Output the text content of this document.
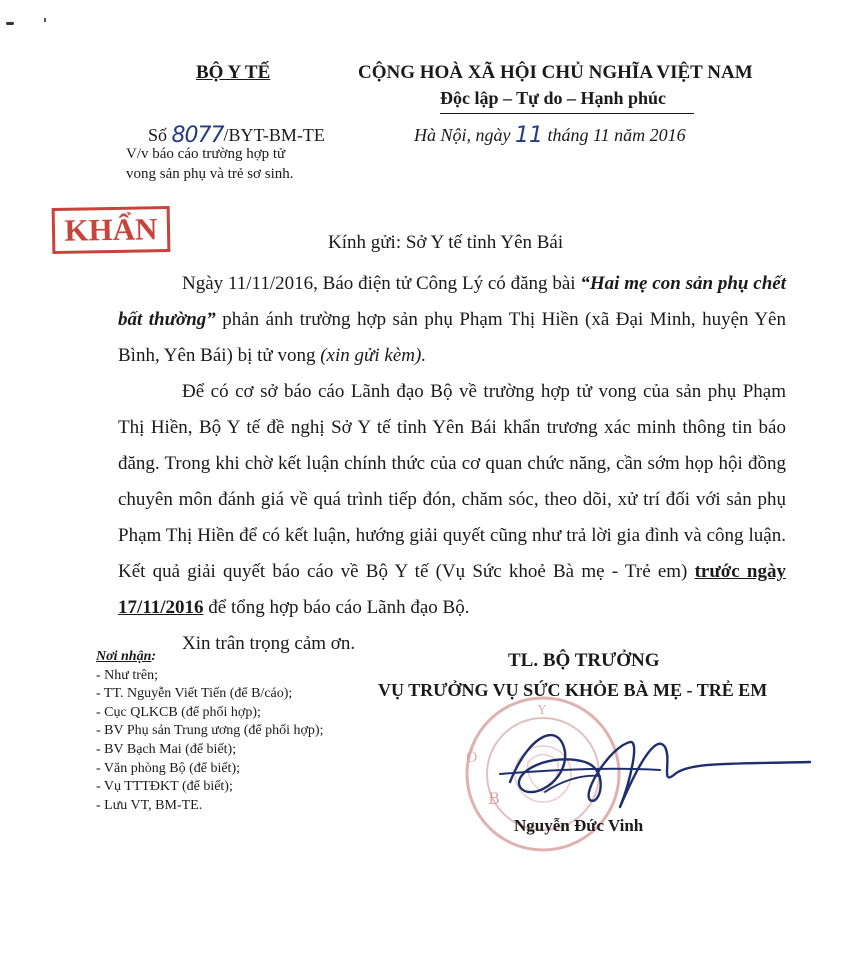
BỘ Y TẾ	CỘNG HOÀ XÃ HỘI CHỦ NGHĨA VIỆT NAM
Độc lập – Tự do – Hạnh phúc
Số 8077/BYT-BM-TE	Hà Nội, ngày 11 tháng 11 năm 2016
V/v báo cáo trường hợp tử
vong sản phụ và trẻ sơ sinh.
KHẨN	Kính gửi: Sở Y tế tỉnh Yên Bái

Ngày 11/11/2016, Báo điện tử Công Lý có đăng bài “Hai mẹ con sản phụ chết bất thường” phản ánh trường hợp sản phụ Phạm Thị Hiền (xã Đại Minh, huyện Yên Bình, Yên Bái) bị tử vong (xin gửi kèm).

Để có cơ sở báo cáo Lãnh đạo Bộ về trường hợp tử vong của sản phụ Phạm Thị Hiền, Bộ Y tế đề nghị Sở Y tế tỉnh Yên Bái khẩn trương xác minh thông tin báo đăng. Trong khi chờ kết luận chính thức của cơ quan chức năng, cần sớm họp hội đồng chuyên môn đánh giá về quá trình tiếp đón, chăm sóc, theo dõi, xử trí đối với sản phụ Phạm Thị Hiền để có kết luận, hướng giải quyết cũng như trả lời gia đình và công luận. Kết quả giải quyết báo cáo về Bộ Y tế (Vụ Sức khoẻ Bà mẹ - Trẻ em) trước ngày 17/11/2016 để tổng hợp báo cáo Lãnh đạo Bộ.

Xin trân trọng cảm ơn.

Nơi nhận:
- Như trên;
- TT. Nguyễn Viết Tiến (để B/cáo);
- Cục QLKCB (để phối hợp);
- BV Phụ sản Trung ương (để phối hợp);
- BV Bạch Mai (để biết);
- Văn phòng Bộ (để biết);
- Vụ TTTĐKT (để biết);
- Lưu VT, BM-TE.	B
Ô
Y
TL. BỘ TRƯỞNG
VỤ TRƯỞNG VỤ SỨC KHỎE BÀ MẸ - TRẺ EM
Nguyễn Đức Vinh
